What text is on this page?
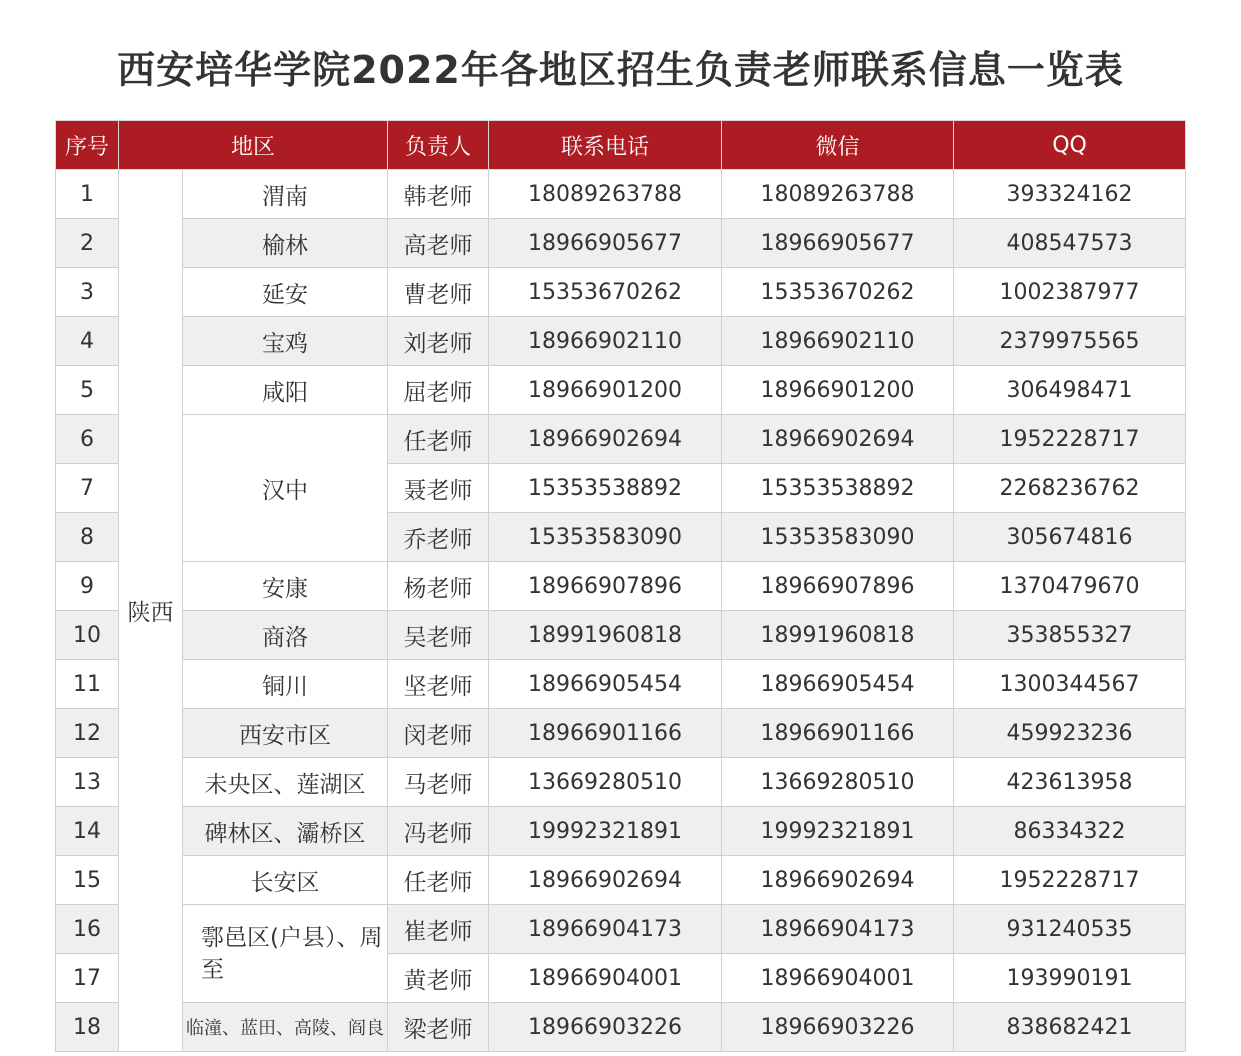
西安培华学院2022年各地区招生负责老师联系信息一览表
序号	地区		负责人	联系电话	微信	QQ
1	陕西	渭南	韩老师	18089263788	18089263788	393324162
2		榆林	高老师	18966905677	18966905677	408547573
3		延安	曹老师	15353670262	15353670262	1002387977
4		宝鸡	刘老师	18966902110	18966902110	2379975565
5		咸阳	屈老师	18966901200	18966901200	306498471
6		汉中	任老师	18966902694	18966902694	1952228717
7			聂老师	15353538892	15353538892	2268236762
8			乔老师	15353583090	15353583090	305674816
9		安康	杨老师	18966907896	18966907896	1370479670
10		商洛	吴老师	18991960818	18991960818	353855327
11		铜川	坚老师	18966905454	18966905454	1300344567
12		西安市区	闵老师	18966901166	18966901166	459923236
13		未央区、莲湖区	马老师	13669280510	13669280510	423613958
14		碑林区、灞桥区	冯老师	19992321891	19992321891	86334322
15		长安区	任老师	18966902694	18966902694	1952228717
16		鄠邑区(户县）、周至	崔老师	18966904173	18966904173	931240535
17			黄老师	18966904001	18966904001	193990191
18		临潼、蓝田、高陵、阎良	梁老师	18966903226	18966903226	838682421
